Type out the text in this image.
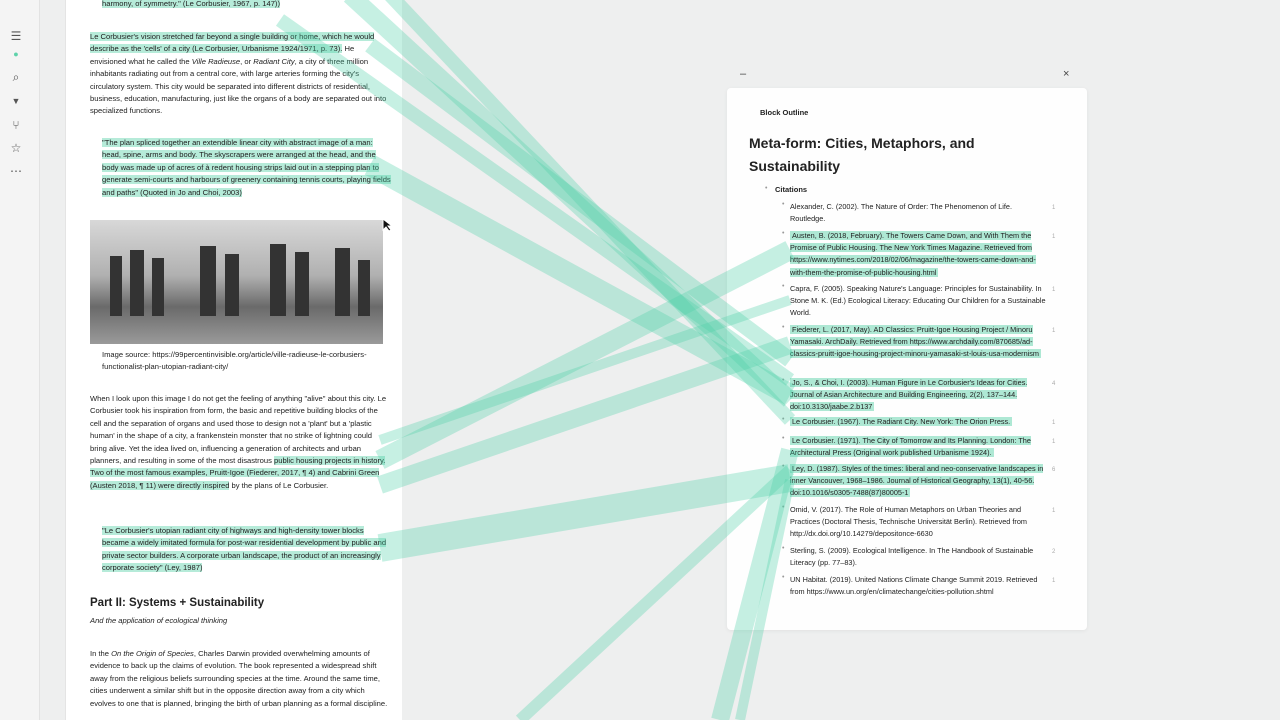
☰
●
⌕
▼
⑂
☆
⋯
harmony, of symmetry." (Le Corbusier, 1967, p. 147))
Le Corbusier's vision stretched far beyond a single building or home, which he would describe as the 'cells' of a city (Le Corbusier, Urbanisme 1924/1971, p. 73). He envisioned what he called the Ville Radieuse, or Radiant City, a city of three million inhabitants radiating out from a central core, with large arteries forming the city's circulatory system. This city would be separated into different districts of residential, business, education, manufacturing, just like the organs of a body are separated out into specialized functions.
"The plan spliced together an extendible linear city with abstract image of a man: head, spine, arms and body. The skyscrapers were arranged at the head, and the body was made up of acres of à redent housing strips laid out in a stepping plan to generate semi-courts and harbours of greenery containing tennis courts, playing fields and paths" (Quoted in Jo and Choi, 2003)
Image source: https://99percentinvisible.org/article/ville-radieuse-le-corbusiers-functionalist-plan-utopian-radiant-city/
When I look upon this image I do not get the feeling of anything "alive" about this city. Le Corbusier took his inspiration from form, the basic and repetitive building blocks of the cell and the separation of organs and used those to design not a 'plant' but a 'plastic human' in the shape of a city, a frankenstein monster that no strike of lightning could bring alive. Yet the idea lived on, influencing a generation of architects and urban planners, and resulting in some of the most disastrous public housing projects in history. Two of the most famous examples, Pruitt-Igoe (Fiederer, 2017, ¶ 4) and Cabrini Green (Austen 2018, ¶ 11) were directly inspired by the plans of Le Corbusier.
"Le Corbusier's utopian radiant city of highways and high-density tower blocks became a widely imitated formula for post-war residential development by public and private sector builders. A corporate urban landscape, the product of an increasingly corporate society" (Ley, 1987)
Part II: Systems + Sustainability
And the application of ecological thinking
In the On the Origin of Species, Charles Darwin provided overwhelming amounts of evidence to back up the claims of evolution. The book represented a widespread shift away from the religious beliefs surrounding species at the time. Around the same time, cities underwent a similar shift but in the opposite direction away from a city which evolves to one that is planned, bringing the birth of urban planning as a formal discipline.
–	×
Block Outline
Meta-form: Cities, Metaphors, and Sustainability
• Citations
• Alexander, C. (2002). The Nature of Order: The Phenomenon of Life. Routledge.
1
• Austen, B. (2018, February). The Towers Came Down, and With Them the Promise of Public Housing. The New York Times Magazine. Retrieved from https://www.nytimes.com/2018/02/06/magazine/the-towers-came-down-and-with-them-the-promise-of-public-housing.html
1
• Capra, F. (2005). Speaking Nature's Language: Principles for Sustainability. In Stone M. K. (Ed.) Ecological Literacy: Educating Our Children for a Sustainable World.
1
• Fiederer, L. (2017, May). AD Classics: Pruitt-Igoe Housing Project / Minoru Yamasaki. ArchDaily. Retrieved from https://www.archdaily.com/870685/ad-classics-pruitt-igoe-housing-project-minoru-yamasaki-st-louis-usa-modernism
1
• Jo, S., & Choi, I. (2003). Human Figure in Le Corbusier's Ideas for Cities. Journal of Asian Architecture and Building Engineering, 2(2), 137–144. doi:10.3130/jaabe.2.b137
4
• Le Corbusier. (1967). The Radiant City. New York: The Orion Press.	1
• Le Corbusier. (1971). The City of Tomorrow and Its Planning. London: The Architectural Press (Original work published Urbanisme 1924).
1
• Ley, D. (1987). Styles of the times: liberal and neo-conservative landscapes in inner Vancouver, 1968–1986. Journal of Historical Geography, 13(1), 40-56. doi:10.1016/s0305-7488(87)80005-1
6
• Omid, V. (2017). The Role of Human Metaphors on Urban Theories and Practices (Doctoral Thesis, Technische Universität Berlin). Retrieved from http://dx.doi.org/10.14279/depositonce-6630
1
• Sterling, S. (2009). Ecological Intelligence. In The Handbook of Sustainable Literacy (pp. 77–83).
2
• UN Habitat. (2019). United Nations Climate Change Summit 2019. Retrieved from https://www.un.org/en/climatechange/cities-pollution.shtml
1
